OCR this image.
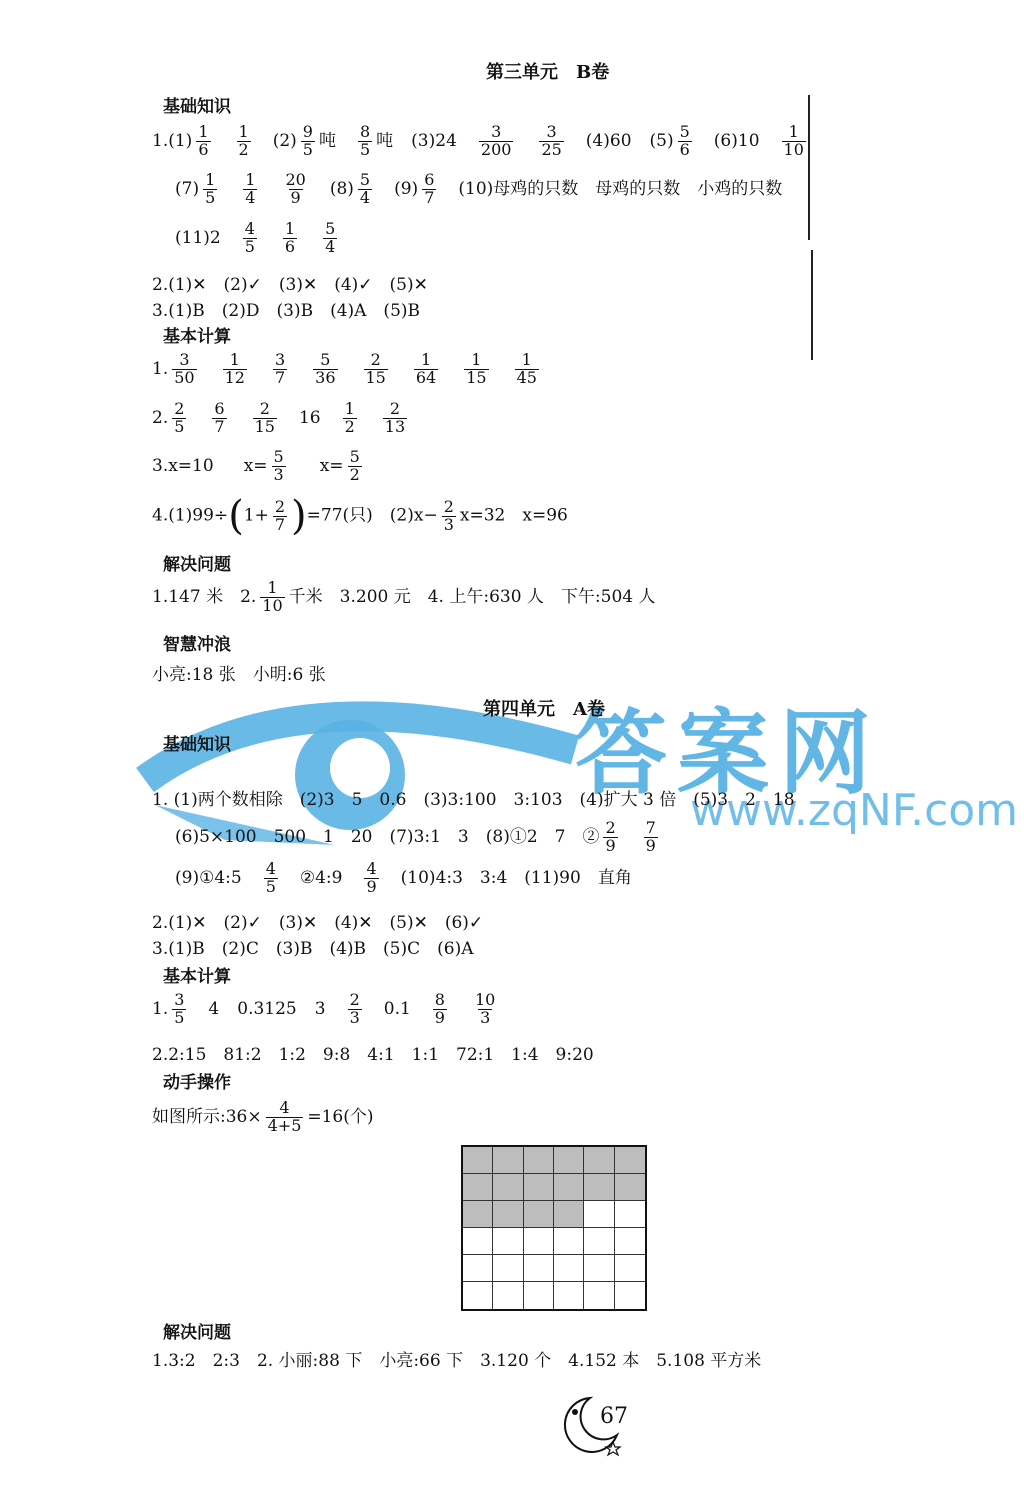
第三单元　B卷
基础知识
$1.(1) \frac{1}{6} \frac{1}{2} (2) \frac{9}{5}$ 吨 $\frac{8}{5}$ 吨 $(3)24 \frac{3}{200} \frac{3}{25} (4)60$ $(5) \frac{5}{6} (6)10 \frac{1}{10}$
$(7) \frac{1}{5} \frac{1}{4} \frac{20}{9} (8) \frac{5}{4} (9) \frac{6}{7} (10)$母鸡的只数　母鸡的只数　小鸡的只数
$(11)2 \frac{4}{5} \frac{1}{6} \frac{5}{4}$
2.(1)✕　(2)✓　(3)✕　(4)✓　(5)✕
3.(1)B　(2)D　(3)B　(4)A　(5)B
基本计算
1. $\frac{3}{50} \frac{1}{12} \frac{3}{7} \frac{5}{36} \frac{2}{15} \frac{1}{64} \frac{1}{15} \frac{1}{45}$
2. $\frac{2}{5} \frac{6}{7} \frac{2}{15} 16 \frac{1}{2} \frac{2}{13}$
3.x=10 $x= \frac{5}{3} x= \frac{5}{2}$
$4.(1)99\div(1+ \frac{2}{7} )=77$(只)　$(2)x- \frac{2}{3} x=32$　x=96
解决问题
1.147 米　2. $\frac{1}{10}$ 千米　3.200 元　4. 上午:630 人　下午:504 人
智慧冲浪
小亮:18 张　小明:6 张
答案网
www.zqNF.com
第四单元　A卷
基础知识
1. (1)两个数相除　(2)3　5　0.6　(3)3:100　3:103　(4)扩大 3 倍　(5)3　2　18
(6)5×100　500　1　20　(7)3:1　3　(8)①2　7　② $\frac{2}{9} \frac{7}{9}$
(9)①4:5 $\frac{4}{5}$ ②4:9 $\frac{4}{9}$ (10)4:3　3:4　(11)90　直角
2.(1)✕　(2)✓　(3)✕　(4)✕　(5)✕　(6)✓
3.(1)B　(2)C　(3)B　(4)B　(5)C　(6)A
基本计算
1. $\frac{3}{5} 4$ 0.3125 $3 \frac{2}{3} 0.1 \frac{8}{9} \frac{10}{3}$
2.2:15　81:2　1:2　9:8　4:1　1:1　72:1　1:4　9:20
动手操作
如图所示:36× $\frac{4}{4+5} =16$(个)
解决问题
1.3:2　2:3　2. 小丽:88 下　小亮:66 下　3.120 个　4.152 本　5.108 平方米
67
